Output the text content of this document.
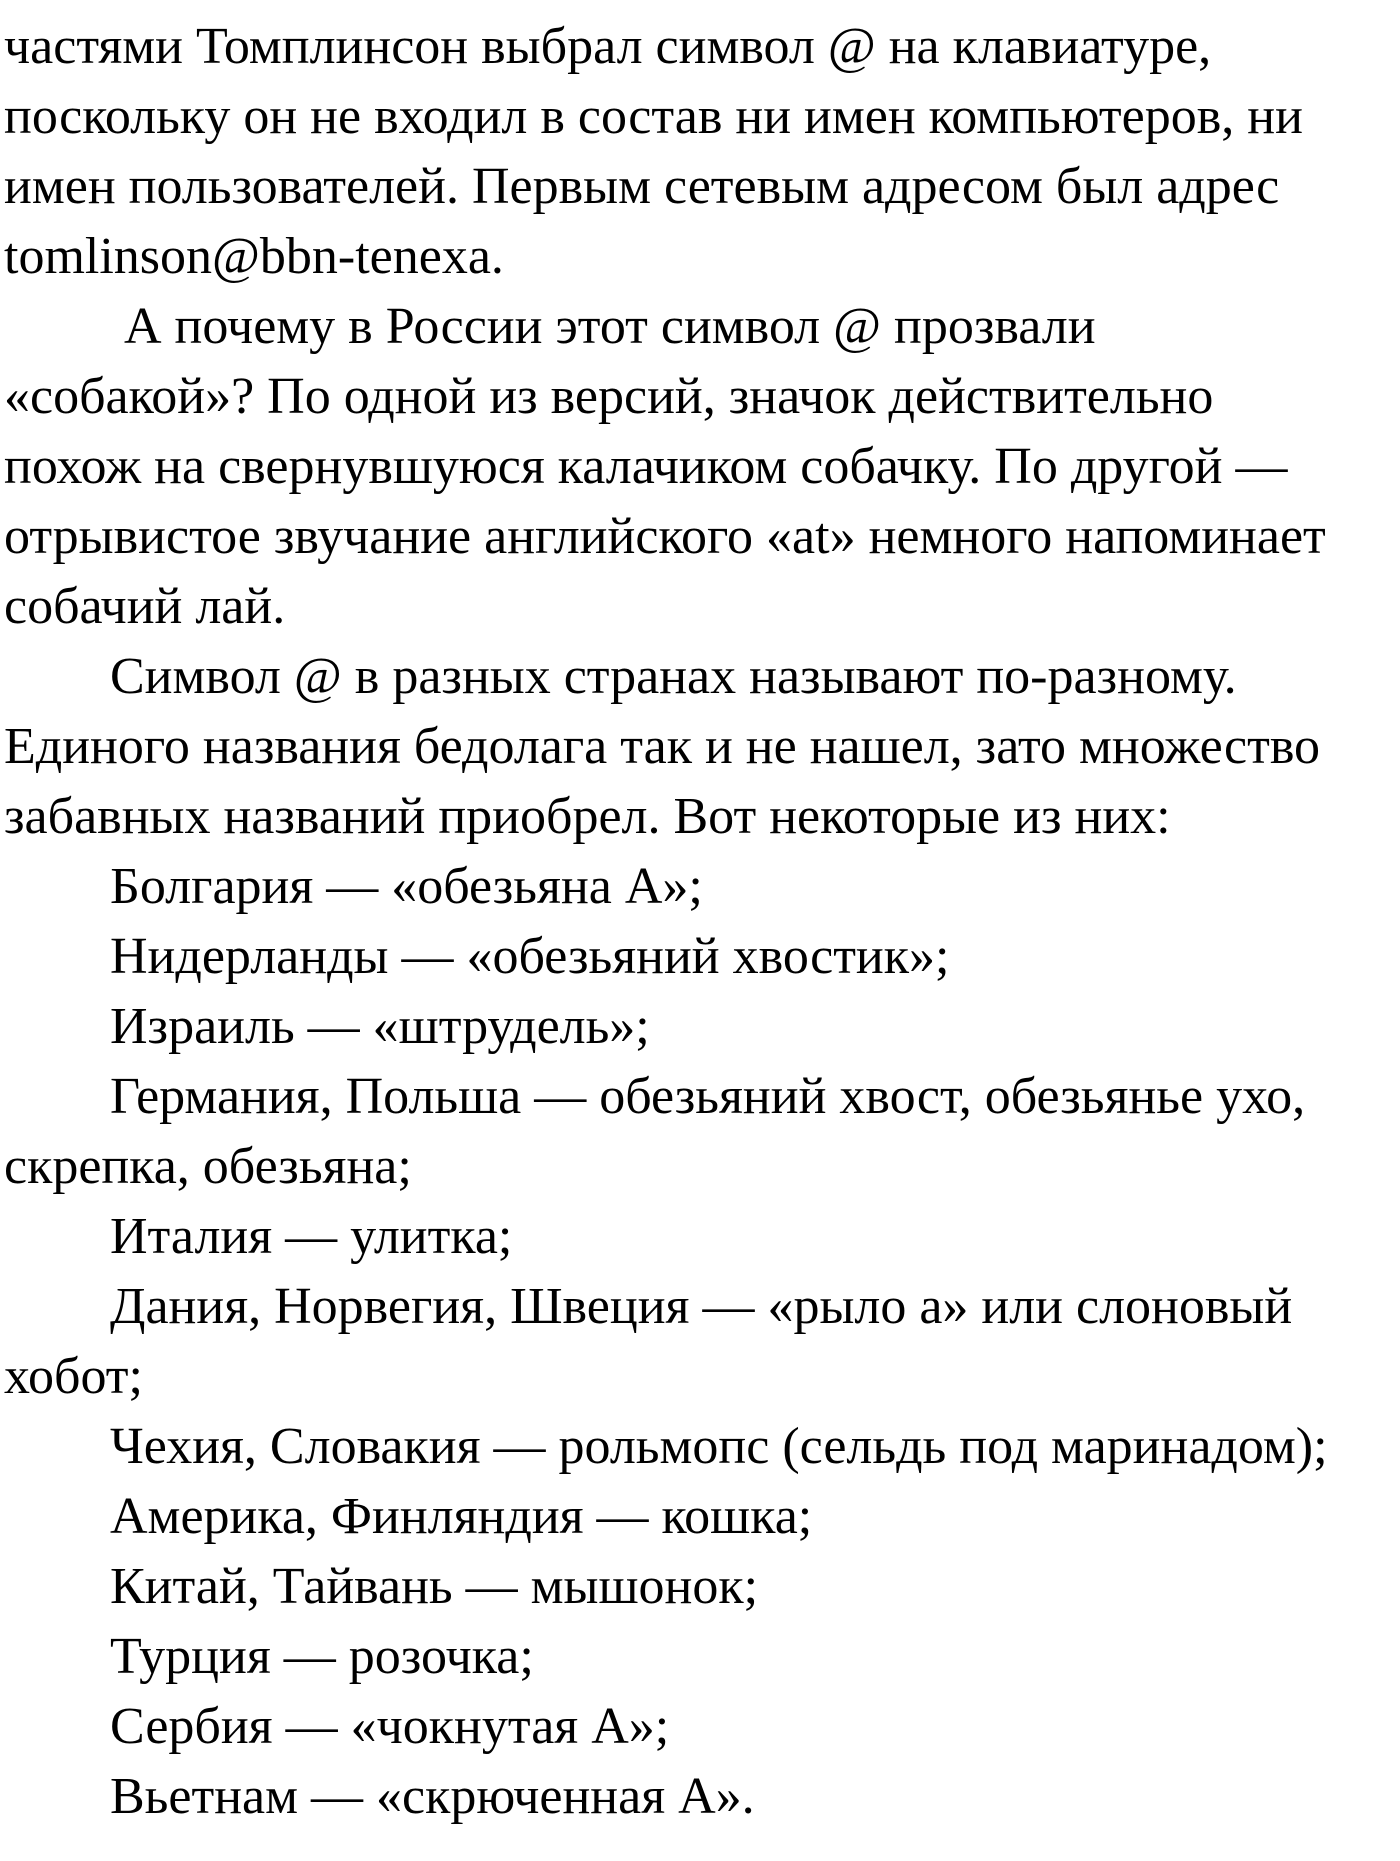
частями Томплинсон выбрал символ @ на клавиатуре,
поскольку он не входил в состав ни имен компьютеров, ни
имен пользователей. Первым сетевым адресом был адрес
tomlinson@bbn-tenexa.
А почему в России этот символ @ прозвали
«собакой»? По одной из версий, значок действительно
похож на свернувшуюся калачиком собачку. По другой —
отрывистое звучание английского «at» немного напоминает
собачий лай.
Символ @ в разных странах называют по-разному.
Единого названия бедолага так и не нашел, зато множество
забавных названий приобрел. Вот некоторые из них:
Болгария — «обезьяна А»;
Нидерланды — «обезьяний хвостик»;
Израиль — «штрудель»;
Германия, Польша — обезьяний хвост, обезьянье ухо,
скрепка, обезьяна;
Италия — улитка;
Дания, Норвегия, Швеция — «рыло а» или слоновый
хобот;
Чехия, Словакия — рольмопс (сельдь под маринадом);
Америка, Финляндия — кошка;
Китай, Тайвань — мышонок;
Турция — розочка;
Сербия — «чокнутая А»;
Вьетнам — «скрюченная А».
